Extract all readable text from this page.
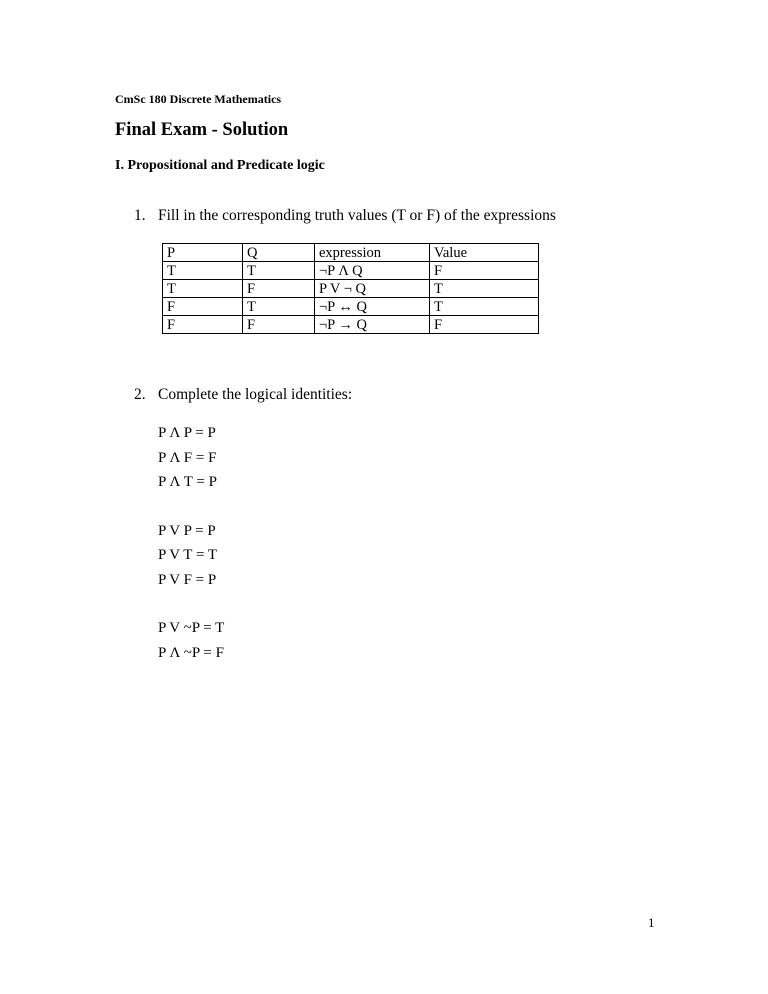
CmSc 180 Discrete Mathematics
Final Exam - Solution
I. Propositional and Predicate logic
1. Fill in the corresponding truth values (T or F) of the expressions
P	Q	expression	Value
T	T	¬P Λ Q	F
T	F	P V ¬ Q	T
F	T	¬P ↔ Q	T
F	F	¬P → Q	F
2. Complete the logical identities:
P Λ P = P
P Λ F = F
P Λ T = P
P V P = P
P V T = T
P V F = P
P V ~P = T
P Λ ~P = F
1
